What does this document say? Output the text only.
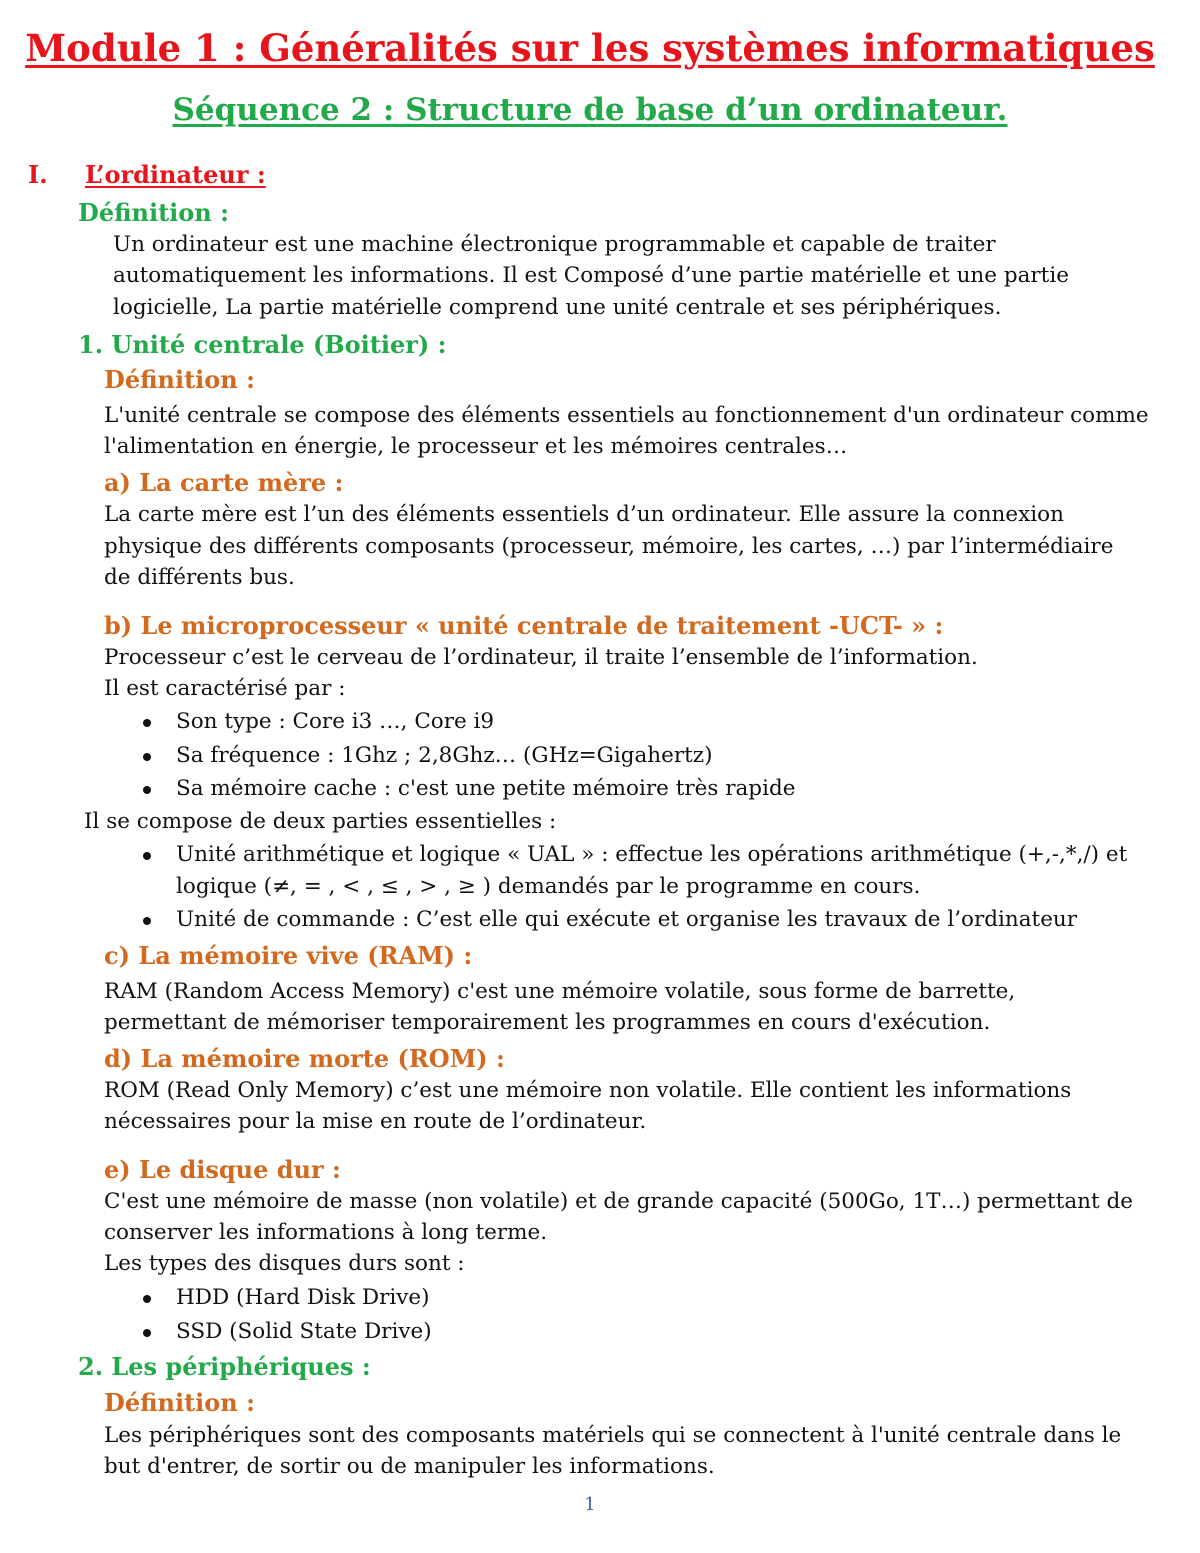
Module 1 : Généralités sur les systèmes informatiques
Séquence 2 : Structure de base d’un ordinateur.
I. L’ordinateur :
Définition :
Un ordinateur est une machine électronique programmable et capable de traiter
automatiquement les informations. Il est Composé d’une partie matérielle et une partie
logicielle, La partie matérielle comprend une unité centrale et ses périphériques.
1. Unité centrale (Boitier) :
Définition :
L'unité centrale se compose des éléments essentiels au fonctionnement d'un ordinateur comme
l'alimentation en énergie, le processeur et les mémoires centrales…
a) La carte mère :
La carte mère est l’un des éléments essentiels d’un ordinateur. Elle assure la connexion
physique des différents composants (processeur, mémoire, les cartes, …) par l’intermédiaire
de différents bus.
b) Le microprocesseur « unité centrale de traitement -UCT- » :
Processeur c’est le cerveau de l’ordinateur, il traite l’ensemble de l’information.
Il est caractérisé par :
Son type : Core i3 …, Core i9
Sa fréquence : 1Ghz ; 2,8Ghz… (GHz=Gigahertz)
Sa mémoire cache : c'est une petite mémoire très rapide
Il se compose de deux parties essentielles :
Unité arithmétique et logique « UAL » : effectue les opérations arithmétique (+,-,*,/) et
logique (≠, = , < , ≤ , > , ≥ ) demandés par le programme en cours.
Unité de commande : C’est elle qui exécute et organise les travaux de l’ordinateur
c) La mémoire vive (RAM) :
RAM (Random Access Memory) c'est une mémoire volatile, sous forme de barrette,
permettant de mémoriser temporairement les programmes en cours d'exécution.
d) La mémoire morte (ROM) :
ROM (Read Only Memory) c’est une mémoire non volatile. Elle contient les informations
nécessaires pour la mise en route de l’ordinateur.
e) Le disque dur :
C'est une mémoire de masse (non volatile) et de grande capacité (500Go, 1T…) permettant de
conserver les informations à long terme.
Les types des disques durs sont :
HDD (Hard Disk Drive)
SSD (Solid State Drive)
2. Les périphériques :
Définition :
Les périphériques sont des composants matériels qui se connectent à l'unité centrale dans le
but d'entrer, de sortir ou de manipuler les informations.
1
